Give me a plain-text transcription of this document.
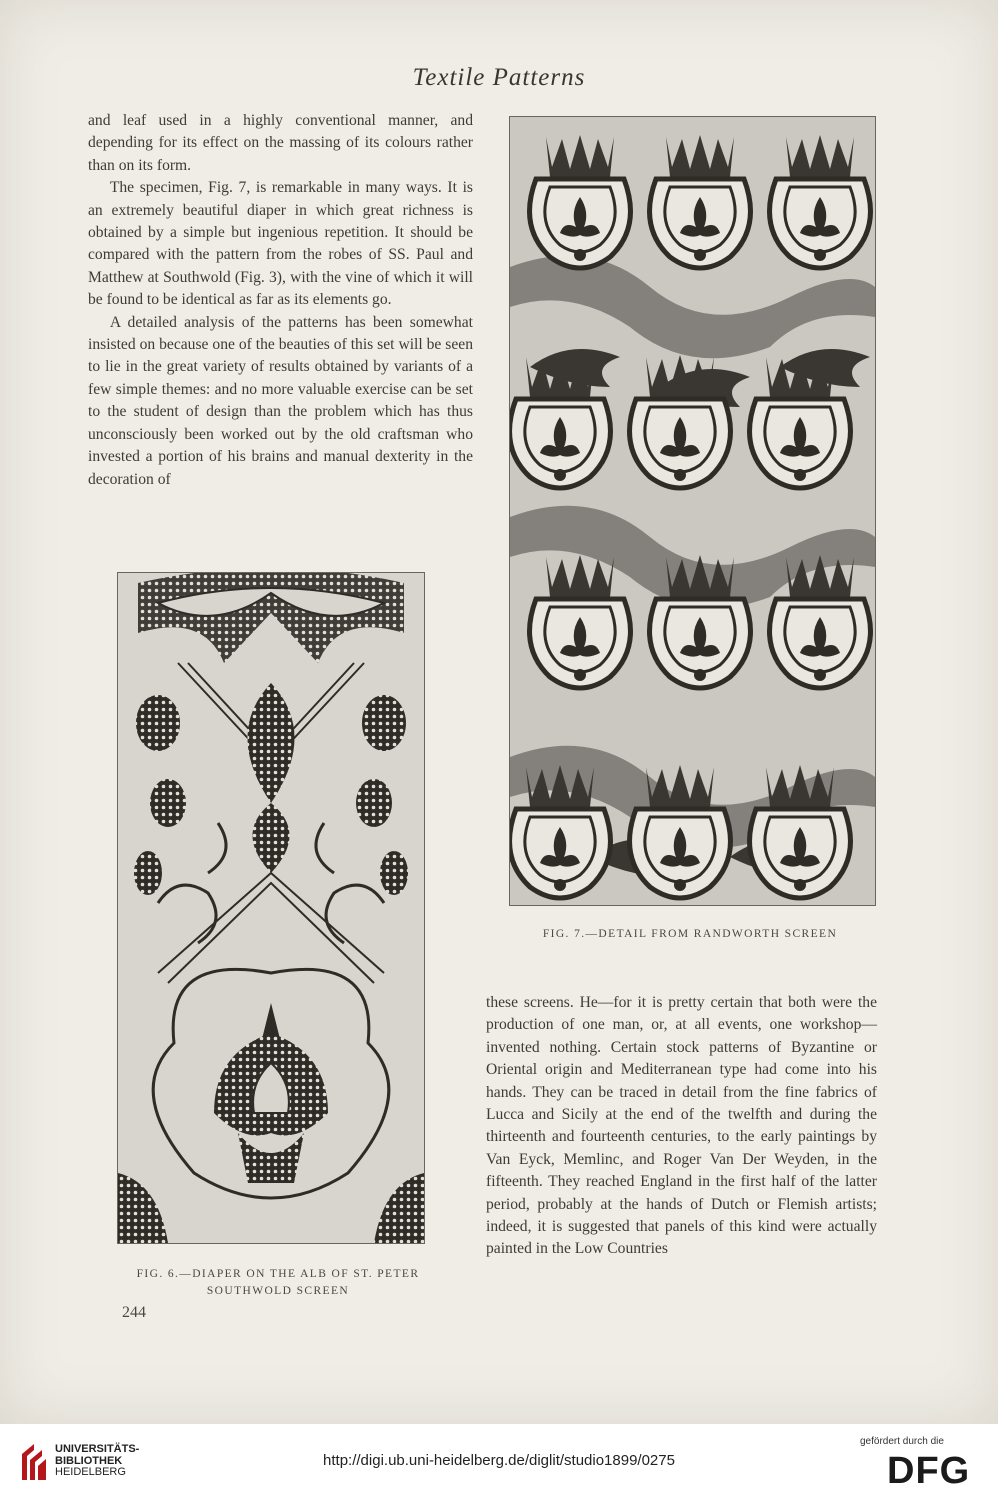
Textile Patterns

and leaf used in a highly conventional manner, and depending for its effect on the massing of its colours rather than on its form.

The specimen, Fig. 7, is remarkable in many ways. It is an extremely beautiful diaper in which great richness is obtained by a simple but ingenious repetition. It should be compared with the pattern from the robes of SS. Paul and Matthew at Southwold (Fig. 3), with the vine of which it will be found to be identical as far as its elements go.

A detailed analysis of the patterns has been somewhat insisted on because one of the beauties of this set will be seen to lie in the great variety of results obtained by variants of a few simple themes: and no more valuable exercise can be set to the student of design than the problem which has thus unconsciously been worked out by the old craftsman who invested a portion of his brains and manual dexterity in the decoration of

FIG. 6.—DIAPER ON THE ALB OF ST. PETER
SOUTHWOLD SCREEN
244
FIG. 7.—DETAIL FROM RANDWORTH SCREEN

these screens. He—for it is pretty certain that both were the production of one man, or, at all events, one workshop—invented nothing. Certain stock patterns of Byzantine or Oriental origin and Mediterranean type had come into his hands. They can be traced in detail from the fine fabrics of Lucca and Sicily at the end of the twelfth and during the thirteenth and fourteenth centuries, to the early paintings by Van Eyck, Memlinc, and Roger Van Der Weyden, in the fifteenth. They reached England in the first half of the latter period, probably at the hands of Dutch or Flemish artists; indeed, it is suggested that panels of this kind were actually painted in the Low Countries

UNIVERSITÄTS-
BIBLIOTHEK
HEIDELBERG
http://digi.ub.uni-heidelberg.de/diglit/studio1899/0275
gefördert durch die
DFG
